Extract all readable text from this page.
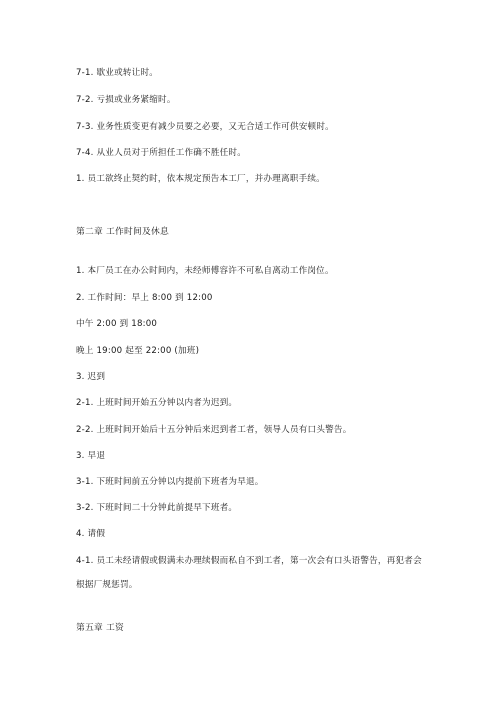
7-1. 歇业或转让时。
7-2. 亏损或业务紧缩时。
7-3. 业务性质变更有减少员要之必要，又无合适工作可供安顿时。
7-4. 从业人员对于所担任工作确不胜任时。
1. 员工欲终止契约时，依本规定预告本工厂，并办理离职手续。
第二章 工作时间及休息
1. 本厂员工在办公时间内，未经师傅容许不可私自离动工作岗位。
2. 工作时间：早上 8:00 到 12:00
中午 2:00 到 18:00
晚上 19:00 起至 22:00 (加班)
3. 迟到
2-1. 上班时间开始五分钟以内者为迟到。
2-2. 上班时间开始后十五分钟后来迟到者工者，领导人员有口头警告。
3. 早退
3-1. 下班时间前五分钟以内提前下班者为早退。
3-2. 下班时间二十分钟此前提早下班者。
4. 请假
4-1. 员工未经请假或假满未办理续假而私自不到工者，第一次会有口头语警告，再犯者会
根据厂规惩罚。
第五章 工资
